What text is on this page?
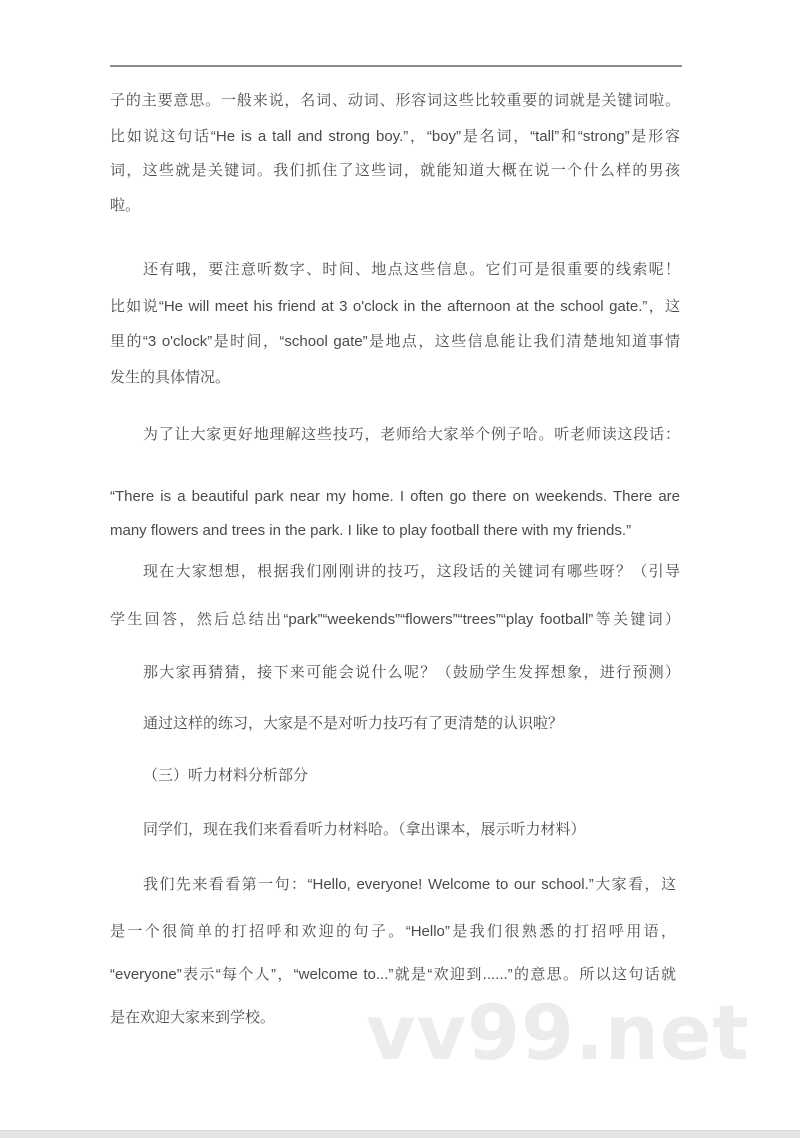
子的主要意思。一般来说，名词、动词、形容词这些比较重要的词就是关键词啦。
比如说这句话“He is a tall and strong boy.”，“boy”是名词，“tall”和“strong”是形容
词，这些就是关键词。我们抓住了这些词，就能知道大概在说一个什么样的男孩
啦。
还有哦，要注意听数字、时间、地点这些信息。它们可是很重要的线索呢！
比如说“He will meet his friend at 3 o'clock in the afternoon at the school gate.”，这
里的“3 o'clock”是时间，“school gate”是地点，这些信息能让我们清楚地知道事情
发生的具体情况。
为了让大家更好地理解这些技巧，老师给大家举个例子哈。听老师读这段话：
“There is a beautiful park near my home. I often go there on weekends. There are
many flowers and trees in the park. I like to play football there with my friends.”
现在大家想想，根据我们刚刚讲的技巧，这段话的关键词有哪些呀？（引导
学生回答，然后总结出“park”“weekends”“flowers”“trees”“play football”等关键词）
那大家再猜猜，接下来可能会说什么呢？（鼓励学生发挥想象，进行预测）
通过这样的练习，大家是不是对听力技巧有了更清楚的认识啦？
（三）听力材料分析部分
同学们，现在我们来看看听力材料哈。（拿出课本，展示听力材料）
我们先来看看第一句：“Hello, everyone! Welcome to our school.”大家看，这
是一个很简单的打招呼和欢迎的句子。“Hello”是我们很熟悉的打招呼用语，
“everyone”表示“每个人”，“welcome to...”就是“欢迎到......”的意思。所以这句话就
是在欢迎大家来到学校。	vv99.net
